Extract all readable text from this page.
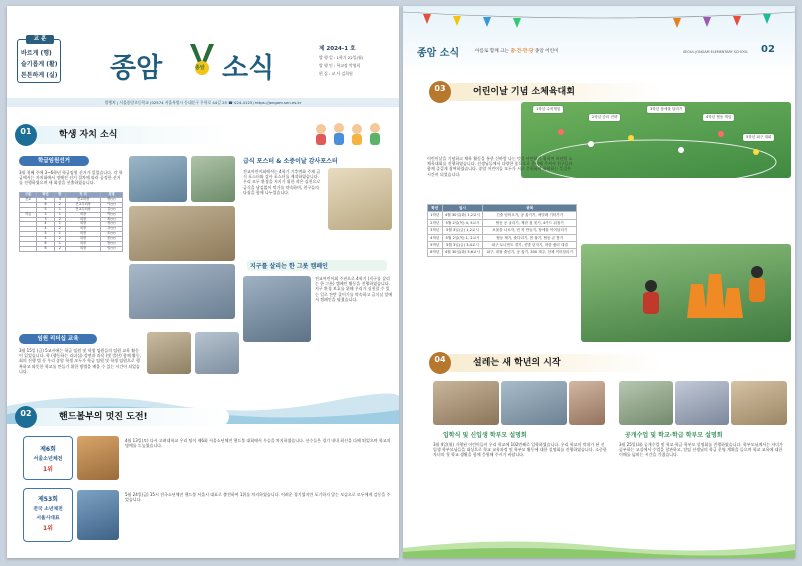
교 훈
바르게 (행)
슬기롭게 (활)
튼튼하게 (실) 종암	종암 소식
제 2024-1 호
발 행 일 : 1학기 22일(월)
발 행 인 : 학교장 박영희
편 집 : 교 사 김희원
발행처 | 서울종암초등학교 (02574 서울특별시 동대문구 무학로 44길 25 ☎ 024-4125) https://jongam.sen.es.kr
학생 자치 소식
01
학급임원선거
3월 첫째 주에 3~6학년 학급임원 선거가 있었습니다. 각 학급에서는 자치회에서 정해진 선거 절차에 따라 공정한 선거를 진행하였으며 새 회장을 선출하였습니다.
구분	학년	반	직 위	성명
전교	6	3	전교회장	장○○
	6	2	전교부회장	이○○
	5	1	전교부회장	김○○
학급	3	1	회장	박○○
	3	2	회장	최○○
	4	1	회장	정○○
	4	2	회장	강○○
	5	1	회장	조○○
	5	2	회장	윤○○
	6	1	회장	장○○
	6	2	회장	임○○
급식 포스터 & 소중이날 감사포스터
전교어린이회에서는 4학기 기후변화 주제 급식 포스터와 감사 포스터를 제작하였습니다. 우리 모두 환경을 지키기 위한 작은 실천으로 급식을 남김없이 먹기를 약속하며, 친구들의 다짐을 함께 나누었습니다.
지구를 살리는 한 그릇 캠페인
전교어린이회 주관으로 4학기 (지구를 살리는 한 그릇) 캠페인 활동을 진행하였습니다. 지구 환경 보호를 위해 우리가 실천할 수 있는 일로 잔반 줄이기를 약속하고 급식실 앞에서 캠페인을 펼쳤습니다.
임원 리더십 교육
3월 15일 (금) 5교시에는 학급 임원 및 학생 임원들의 임원 교육 활동이 있었습니다. 학 (행동하는 리더십) 강연과 과목 (빛 발산) 함께 활동, 회의 진행 법 등 우리 종암 학생 모두가 학급 임원 및 학생 임원으로 행복하고 따뜻한 학교를 만들기 위한 방법을 배울 수 있는 시간이 되었습니다.
핸드볼부의 멋진 도전!
02
제6회
서울소년체전
1위
4월 13일(토) 다시 고려대학교 우리 팀이 제6회 서울소년체전 핸드볼 대회에서 우승을 차지하였습니다. 선수들은 경기 내내 최선을 다해 뛰었으며 학교의 명예를 드높였습니다.
제53회
전국 소년체전
서울시대표
1위
5월 24일(금) 15시 전국소년체전 핸드볼 서울시 대표로 출전하여 1위를 차지하였습니다. 어려운 경기였지만 포기하지 않는 모습으로 모두에게 감동을 주었습니다.
종암 소식	아름로 함께 크는 꿈·건·만·당 종암 어린이	SEOUL JONGAM ELEMENTARY SCHOOL 02
어린이날 기념 소체육대회
03
어린이날을 기념하고 체육 활동을 통한 신바람 나는 멋을 마련하기 위하여 학년별 소체육대회를 진행하였습니다. 선생님들께서 다양한 종목으로 준비해 주셔서 친구들과 함께 즐겁게 참여하였습니다. 종암 어린이들 모두가 서로 응원하며 화합하는 뜻깊은 시간이 되었습니다.
학년	일시	종목
1학년	4월 30일(화) 1,2교시	긴줄 넘어오기, 공 옮기기, 애벌레 기어가기
2학년	5월 2일(목) 4, 5교시	협동 공 굴리기, 제한 집 짓기, 4카드 뒤집기
3학년	5월 3일(금) 1,2교시	보물을 나르자, 빈 착 만들기, 장애물 이어달리기
4학년	5월 2일(목) 1, 2교시	협동 제기, 줄다리기, 몸 풀기, 협동 콘 쌓기
5학년	5월 3일(금) 3,4교시	피구 토너먼트 경기, 신발 던지기, 착한 쉼터 대결
6학년	4월 30일(화) 5,6교시	피구, 대형 줄넘기, 공 옮기, 300 계주, 천체 이어달리기
설레는 새 학년의 시작
04
입학식 및 신입생 학부모 설명회	공개수업 및 학교·학급 학부모 설명회
3월 4일(월) 거행된 어린이들이 우리 학교에 102번째로 입학하였습니다. 우리 학교의 막내가 된 신입생 학부모님들을 대상으로 학교 교육과정 및 학부모 활동에 대한 설명회를 진행하였습니다. 소중한 자녀의 첫 학교 생활을 함께 응원해 주시기 바랍니다.
3월 25일(화) 공개수업 및 학교·학급 학부모 설명회를 진행하였습니다. 학부모님께서는 자녀가 공부하는 교실에서 수업을 참관하고, 담임 선생님의 학급 운영 계획을 들으며 학교 교육에 대한 이해를 넓히는 시간을 가졌습니다.
1학년 수비게임
2학년 승리 전략
3학년 장애물 달리기
4학년 협동 게임
5학년 피구 대회
